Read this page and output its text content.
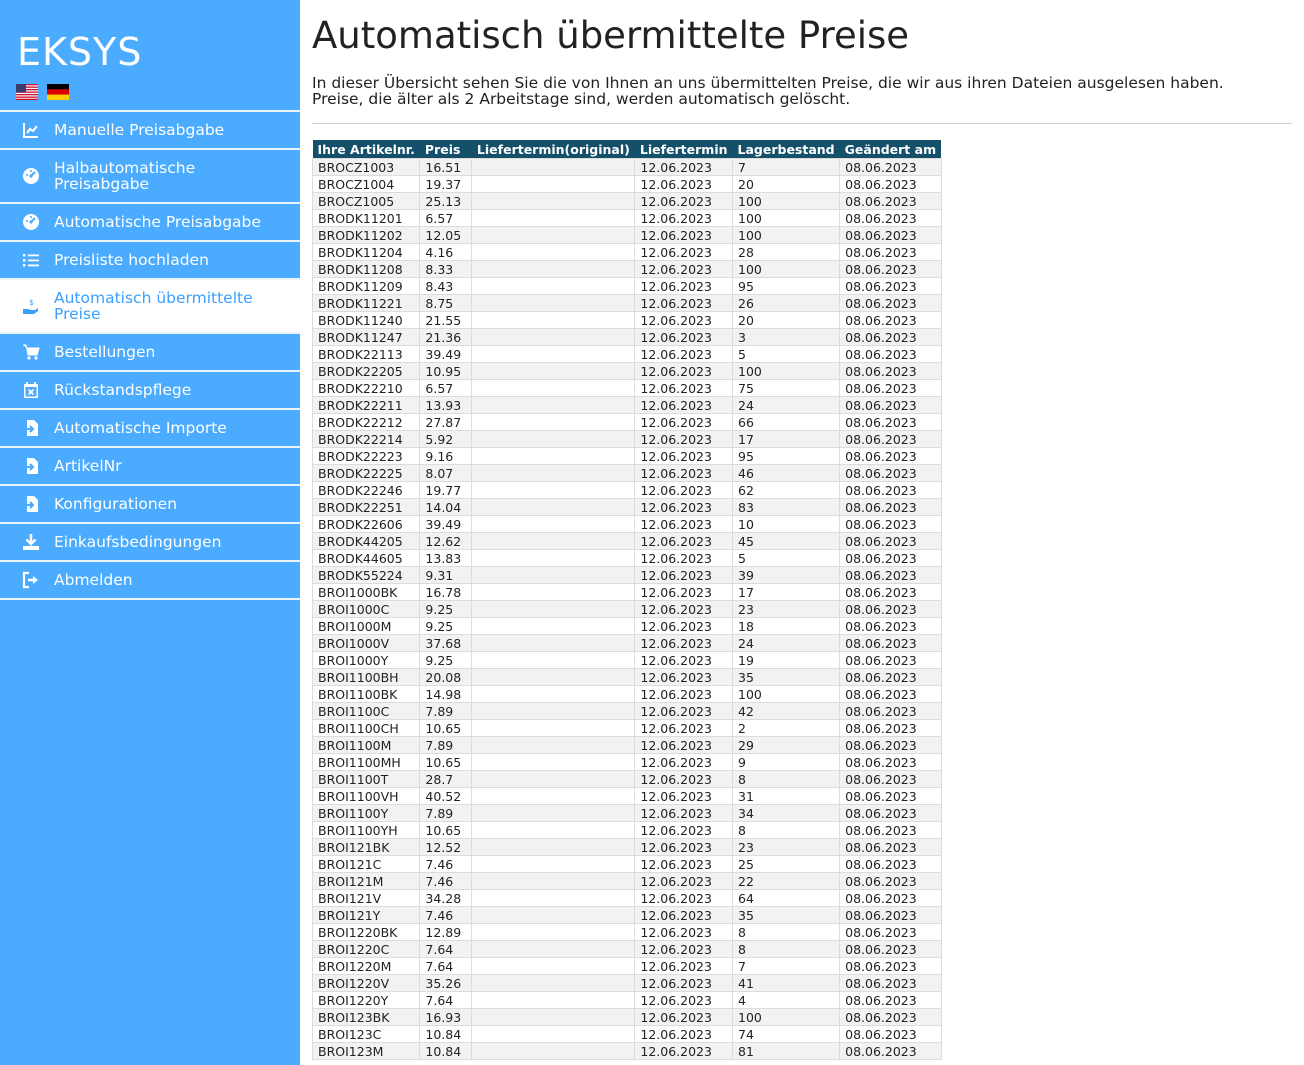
EKSYS
Manuelle Preisabgabe
Halbautomatische Preisabgabe
Automatische Preisabgabe
Preisliste hochladen
$ Automatisch übermittelte Preise
Bestellungen
Rückstandspflege
Automatische Importe
ArtikelNr
Konfigurationen
Einkaufsbedingungen
Abmelden
Automatisch übermittelte Preise
In dieser Übersicht sehen Sie die von Ihnen an uns übermittelten Preise, die wir aus ihren Dateien ausgelesen haben.
Preise, die älter als 2 Arbeitstage sind, werden automatisch gelöscht.
Ihre Artikelnr.	Preis	Liefertermin(original)	Liefertermin	Lagerbestand	Geändert am
BROCZ1003	16.51		12.06.2023	7	08.06.2023
BROCZ1004	19.37		12.06.2023	20	08.06.2023
BROCZ1005	25.13		12.06.2023	100	08.06.2023
BRODK11201	6.57		12.06.2023	100	08.06.2023
BRODK11202	12.05		12.06.2023	100	08.06.2023
BRODK11204	4.16		12.06.2023	28	08.06.2023
BRODK11208	8.33		12.06.2023	100	08.06.2023
BRODK11209	8.43		12.06.2023	95	08.06.2023
BRODK11221	8.75		12.06.2023	26	08.06.2023
BRODK11240	21.55		12.06.2023	20	08.06.2023
BRODK11247	21.36		12.06.2023	3	08.06.2023
BRODK22113	39.49		12.06.2023	5	08.06.2023
BRODK22205	10.95		12.06.2023	100	08.06.2023
BRODK22210	6.57		12.06.2023	75	08.06.2023
BRODK22211	13.93		12.06.2023	24	08.06.2023
BRODK22212	27.87		12.06.2023	66	08.06.2023
BRODK22214	5.92		12.06.2023	17	08.06.2023
BRODK22223	9.16		12.06.2023	95	08.06.2023
BRODK22225	8.07		12.06.2023	46	08.06.2023
BRODK22246	19.77		12.06.2023	62	08.06.2023
BRODK22251	14.04		12.06.2023	83	08.06.2023
BRODK22606	39.49		12.06.2023	10	08.06.2023
BRODK44205	12.62		12.06.2023	45	08.06.2023
BRODK44605	13.83		12.06.2023	5	08.06.2023
BRODK55224	9.31		12.06.2023	39	08.06.2023
BROI1000BK	16.78		12.06.2023	17	08.06.2023
BROI1000C	9.25		12.06.2023	23	08.06.2023
BROI1000M	9.25		12.06.2023	18	08.06.2023
BROI1000V	37.68		12.06.2023	24	08.06.2023
BROI1000Y	9.25		12.06.2023	19	08.06.2023
BROI1100BH	20.08		12.06.2023	35	08.06.2023
BROI1100BK	14.98		12.06.2023	100	08.06.2023
BROI1100C	7.89		12.06.2023	42	08.06.2023
BROI1100CH	10.65		12.06.2023	2	08.06.2023
BROI1100M	7.89		12.06.2023	29	08.06.2023
BROI1100MH	10.65		12.06.2023	9	08.06.2023
BROI1100T	28.7		12.06.2023	8	08.06.2023
BROI1100VH	40.52		12.06.2023	31	08.06.2023
BROI1100Y	7.89		12.06.2023	34	08.06.2023
BROI1100YH	10.65		12.06.2023	8	08.06.2023
BROI121BK	12.52		12.06.2023	23	08.06.2023
BROI121C	7.46		12.06.2023	25	08.06.2023
BROI121M	7.46		12.06.2023	22	08.06.2023
BROI121V	34.28		12.06.2023	64	08.06.2023
BROI121Y	7.46		12.06.2023	35	08.06.2023
BROI1220BK	12.89		12.06.2023	8	08.06.2023
BROI1220C	7.64		12.06.2023	8	08.06.2023
BROI1220M	7.64		12.06.2023	7	08.06.2023
BROI1220V	35.26		12.06.2023	41	08.06.2023
BROI1220Y	7.64		12.06.2023	4	08.06.2023
BROI123BK	16.93		12.06.2023	100	08.06.2023
BROI123C	10.84		12.06.2023	74	08.06.2023
BROI123M	10.84		12.06.2023	81	08.06.2023
